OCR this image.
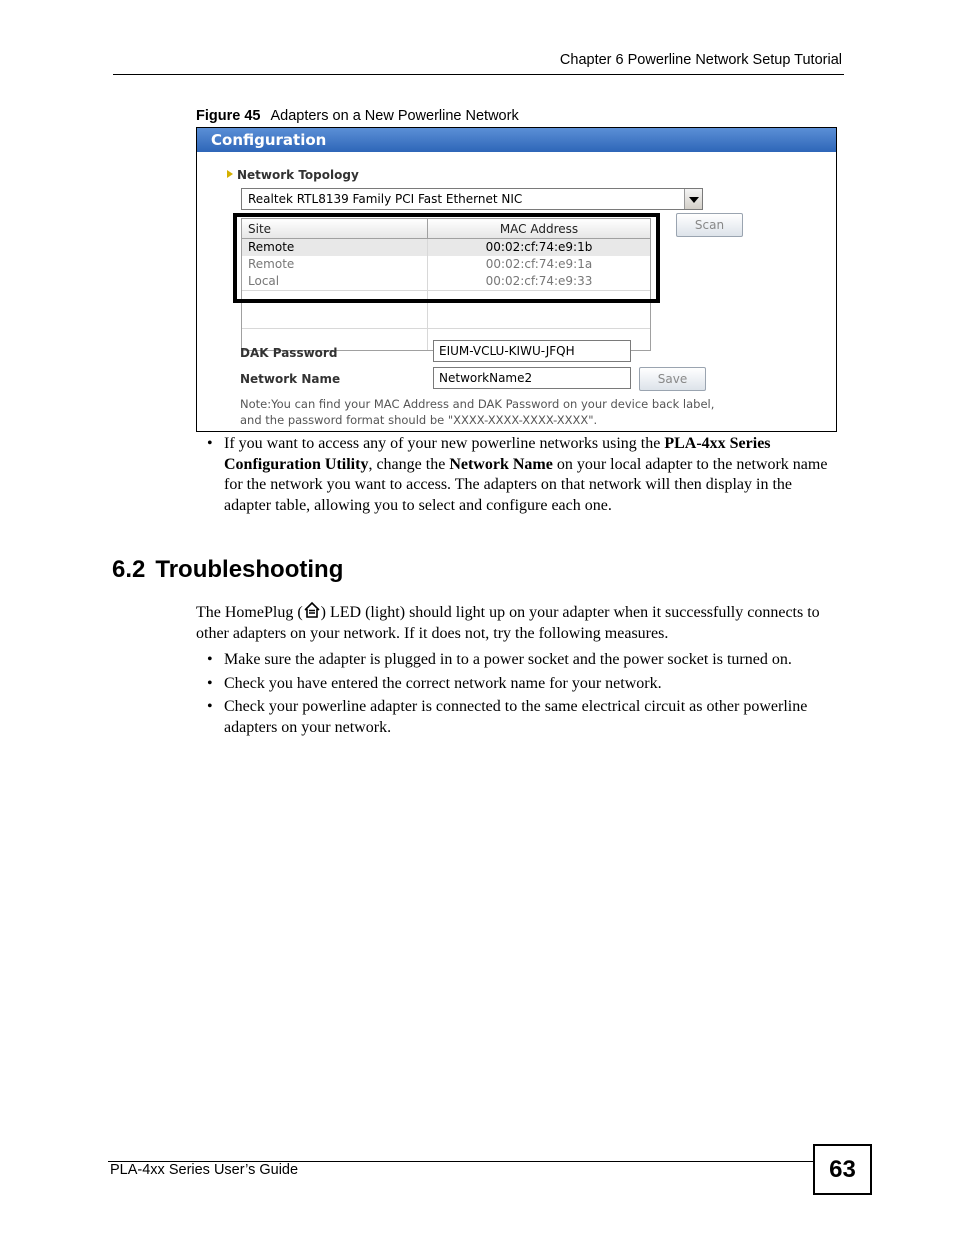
Chapter 6 Powerline Network Setup Tutorial
Figure 45 Adapters on a New Powerline Network
Configuration
Network Topology
Realtek RTL8139 Family PCI Fast Ethernet NIC
Site	MAC Address
Remote	00:02:cf:74:e9:1b
Remote	00:02:cf:74:e9:1a
Local	00:02:cf:74:e9:33
Scan
DAK Password	EIUM-VCLU-KIWU-JFQH
Network Name	NetworkName2	Save
Note:You can find your MAC Address and DAK Password on your device back label,
and the password format should be "XXXX-XXXX-XXXX-XXXX".
• If you want to access any of your new powerline networks using the PLA-4xx Series Configuration Utility, change the Network Name on your local adapter to the network name for the network you want to access. The adapters on that network will then display in the adapter table, allowing you to select and configure each one.
6.2 Troubleshooting

The HomePlug ( ) LED (light) should light up on your adapter when it successfully connects to other adapters on your network. If it does not, try the following measures.

• Make sure the adapter is plugged in to a power socket and the power socket is turned on.
• Check you have entered the correct network name for your network.
• Check your powerline adapter is connected to the same electrical circuit as other powerline adapters on your network.
PLA-4xx Series User’s Guide	63
